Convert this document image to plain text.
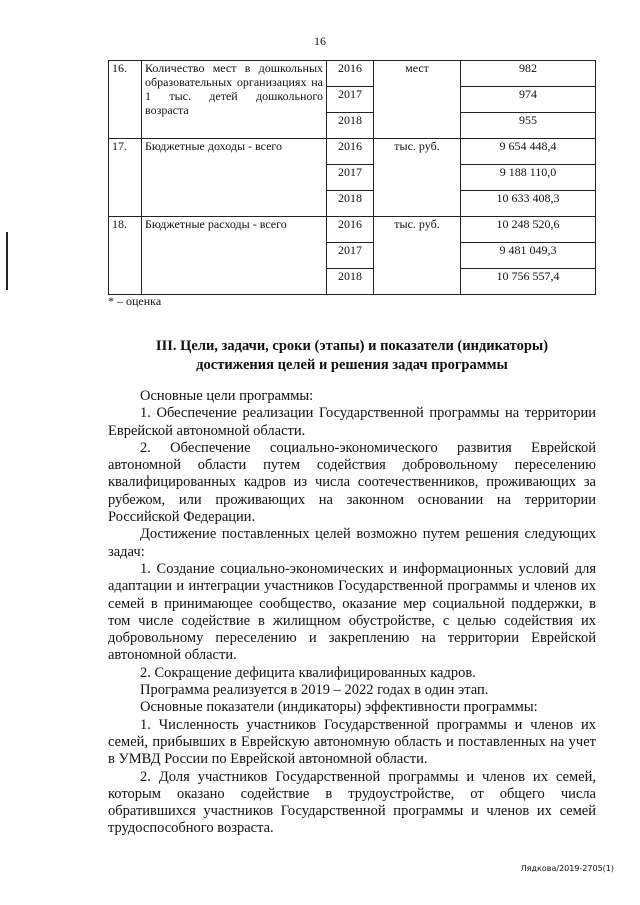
16
16.	Количество мест в дошкольных образовательных организациях на 1 тыс. детей дошкольного возраста	2016	мест	982
		2017		974
		2018		955
17.	Бюджетные доходы - всего	2016	тыс. руб.	9 654 448,4
		2017		9 188 110,0
		2018		10 633 408,3
18.	Бюджетные расходы - всего	2016	тыс. руб.	10 248 520,6
		2017		9 481 049,3
		2018		10 756 557,4
* – оценка
III. Цели, задачи, сроки (этапы) и показатели (индикаторы)
достижения целей и решения задач программы

Основные цели программы:

1. Обеспечение реализации Государственной программы на территории Еврейской автономной области.

2. Обеспечение социально-экономического развития Еврейской автономной области путем содействия добровольному переселению квалифицированных кадров из числа соотечественников, проживающих за рубежом, или проживающих на законном основании на территории Российской Федерации.

Достижение поставленных целей возможно путем решения следующих задач:

1. Создание социально-экономических и информационных условий для адаптации и интеграции участников Государственной программы и членов их семей в принимающее сообщество, оказание мер социальной поддержки, в том числе содействие в жилищном обустройстве, с целью содействия их добровольному переселению и закреплению на территории Еврейской автономной области.

2. Сокращение дефицита квалифицированных кадров.

Программа реализуется в 2019 – 2022 годах в один этап.

Основные показатели (индикаторы) эффективности программы:

1. Численность участников Государственной программы и членов их семей, прибывших в Еврейскую автономную область и поставленных на учет в УМВД России по Еврейской автономной области.

2. Доля участников Государственной программы и членов их семей, которым оказано содействие в трудоустройстве, от общего числа обратившихся участников Государственной программы и членов их семей трудоспособного возраста.

Лядкова/2019-2705(1)
